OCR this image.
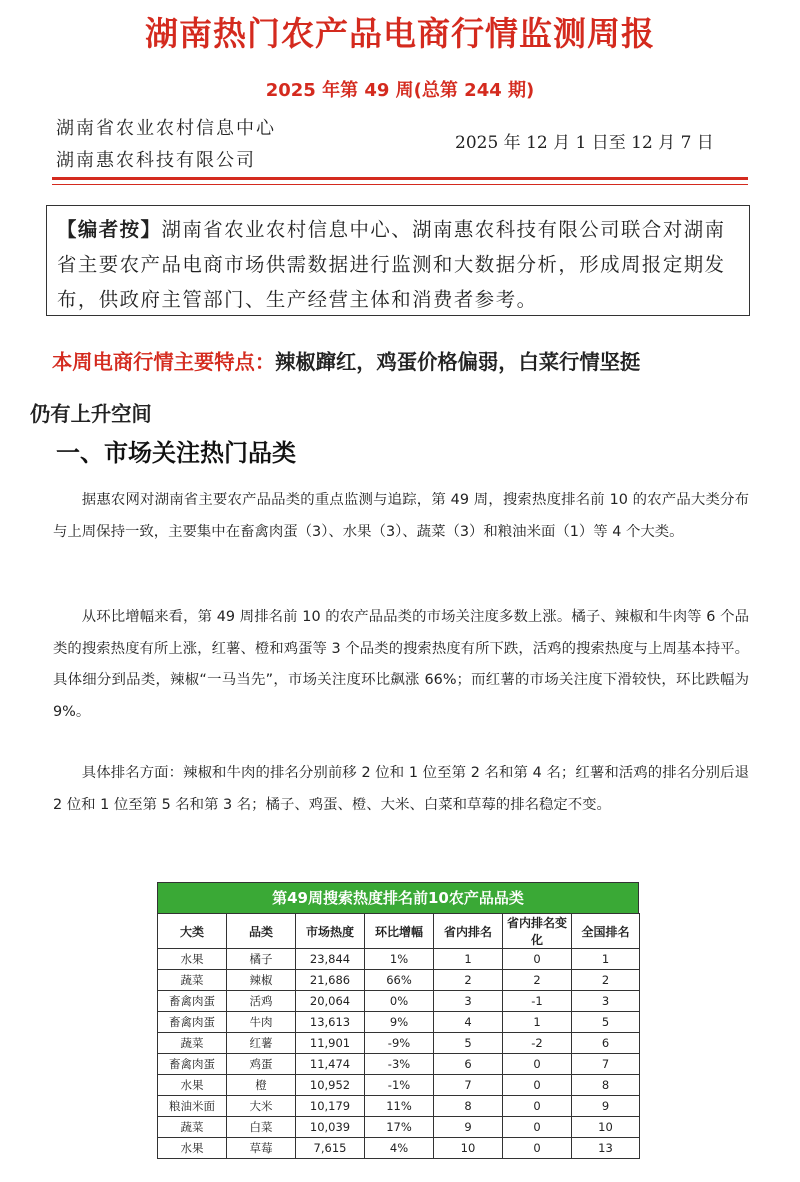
湖南热门农产品电商行情监测周报
2025 年第 49 周(总第 244 期)
湖南省农业农村信息中心
湖南惠农科技有限公司
2025 年 12 月 1 日至 12 月 7 日
【编者按】湖南省农业农村信息中心、湖南惠农科技有限公司联合对湖南省主要农产品电商市场供需数据进行监测和大数据分析，形成周报定期发布，供政府主管部门、生产经营主体和消费者参考。
本周电商行情主要特点：辣椒蹿红，鸡蛋价格偏弱，白菜行情坚挺
仍有上升空间
一、市场关注热门品类
据惠农网对湖南省主要农产品品类的重点监测与追踪，第 49 周，搜索热度排名前 10 的农产品大类分布与上周保持一致，主要集中在畜禽肉蛋（3）、水果（3）、蔬菜（3）和粮油米面（1）等 4 个大类。
从环比增幅来看，第 49 周排名前 10 的农产品品类的市场关注度多数上涨。橘子、辣椒和牛肉等 6 个品类的搜索热度有所上涨，红薯、橙和鸡蛋等 3 个品类的搜索热度有所下跌，活鸡的搜索热度与上周基本持平。具体细分到品类，辣椒“一马当先”，市场关注度环比飙涨 66%；而红薯的市场关注度下滑较快，环比跌幅为 9%。
具体排名方面：辣椒和牛肉的排名分别前移 2 位和 1 位至第 2 名和第 4 名；红薯和活鸡的排名分别后退 2 位和 1 位至第 5 名和第 3 名；橘子、鸡蛋、橙、大米、白菜和草莓的排名稳定不变。
第49周搜索热度排名前10农产品品类
大类	品类	市场热度	环比增幅	省内排名	省内排名变化	全国排名
水果	橘子	23,844	1%	1	0	1
蔬菜	辣椒	21,686	66%	2	2	2
畜禽肉蛋	活鸡	20,064	0%	3	-1	3
畜禽肉蛋	牛肉	13,613	9%	4	1	5
蔬菜	红薯	11,901	-9%	5	-2	6
畜禽肉蛋	鸡蛋	11,474	-3%	6	0	7
水果	橙	10,952	-1%	7	0	8
粮油米面	大米	10,179	11%	8	0	9
蔬菜	白菜	10,039	17%	9	0	10
水果	草莓	7,615	4%	10	0	13
